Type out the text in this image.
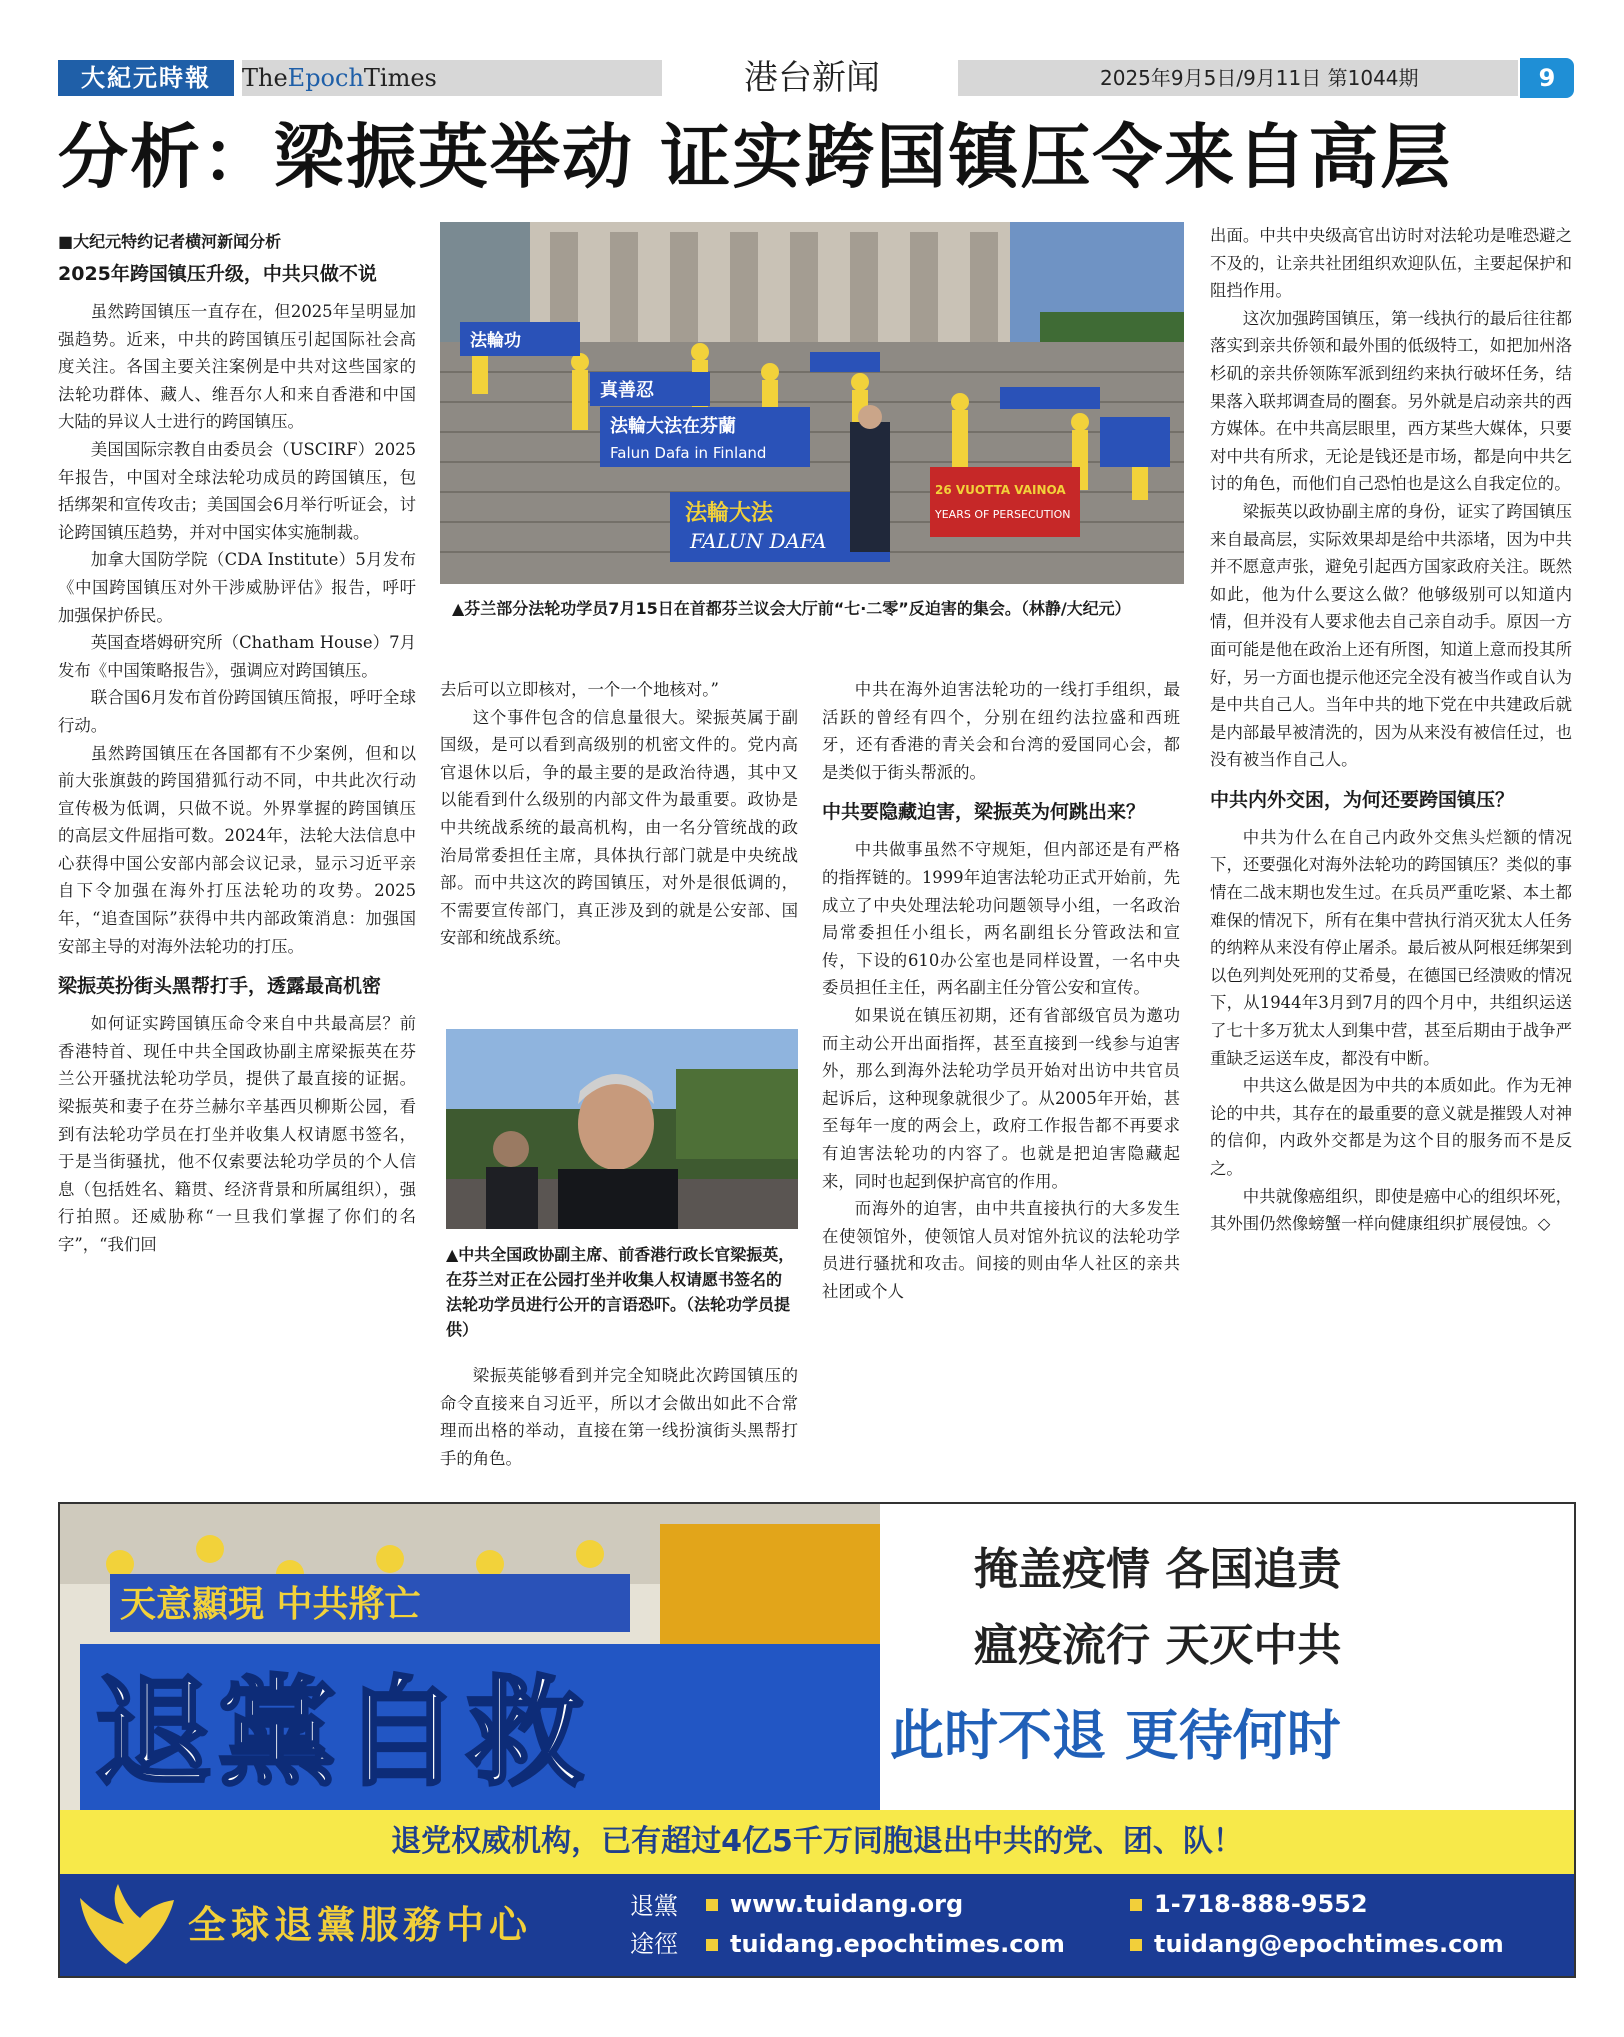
大紀元時報	TheEpochTimes	港台新闻	2025年9月5日/9月11日 第1044期	9
分析：梁振英举动 证实跨国镇压令来自高层
■大纪元特约记者横河新闻分析
2025年跨国镇压升级，中共只做不说

虽然跨国镇压一直存在，但2025年呈明显加强趋势。近来，中共的跨国镇压引起国际社会高度关注。各国主要关注案例是中共对这些国家的法轮功群体、藏人、维吾尔人和来自香港和中国大陆的异议人士进行的跨国镇压。

美国国际宗教自由委员会（USCIRF）2025年报告，中国对全球法轮功成员的跨国镇压，包括绑架和宣传攻击；美国国会6月举行听证会，讨论跨国镇压趋势，并对中国实体实施制裁。

加拿大国防学院（CDA Institute）5月发布《中国跨国镇压对外干涉威胁评估》报告，呼吁加强保护侨民。

英国查塔姆研究所（Chatham House）7月发布《中国策略报告》，强调应对跨国镇压。

联合国6月发布首份跨国镇压简报，呼吁全球行动。

虽然跨国镇压在各国都有不少案例，但和以前大张旗鼓的跨国猎狐行动不同，中共此次行动宣传极为低调，只做不说。外界掌握的跨国镇压的高层文件屈指可数。2024年，法轮大法信息中心获得中国公安部内部会议记录，显示习近平亲自下令加强在海外打压法轮功的攻势。2025年，“追查国际”获得中共内部政策消息：加强国安部主导的对海外法轮功的打压。

梁振英扮街头黑帮打手，透露最高机密

如何证实跨国镇压命令来自中共最高层？前香港特首、现任中共全国政协副主席梁振英在芬兰公开骚扰法轮功学员，提供了最直接的证据。梁振英和妻子在芬兰赫尔辛基西贝柳斯公园，看到有法轮功学员在打坐并收集人权请愿书签名，于是当街骚扰，他不仅索要法轮功学员的个人信息（包括姓名、籍贯、经济背景和所属组织），强行拍照。还威胁称“一旦我们掌握了你们的名字”，“我们回

法輪功
真善忍
法輪大法在芬蘭
Falun Dafa in Finland
法輪大法
FALUN DAFA
26 VUOTTA VAINOA
YEARS OF PERSECUTION
▲芬兰部分法轮功学员7月15日在首都芬兰议会大厅前“七·二零”反迫害的集会。（林静/大纪元）

去后可以立即核对，一个一个地核对。”

这个事件包含的信息量很大。梁振英属于副国级，是可以看到高级别的机密文件的。党内高官退休以后，争的最主要的是政治待遇，其中又以能看到什么级别的内部文件为最重要。政协是中共统战系统的最高机构，由一名分管统战的政治局常委担任主席，具体执行部门就是中央统战部。而中共这次的跨国镇压，对外是很低调的，不需要宣传部门，真正涉及到的就是公安部、国安部和统战系统。

▲中共全国政协副主席、前香港行政长官梁振英，在芬兰对正在公园打坐并收集人权请愿书签名的法轮功学员进行公开的言语恐吓。（法轮功学员提供）

梁振英能够看到并完全知晓此次跨国镇压的命令直接来自习近平，所以才会做出如此不合常理而出格的举动，直接在第一线扮演街头黑帮打手的角色。

中共在海外迫害法轮功的一线打手组织，最活跃的曾经有四个，分别在纽约法拉盛和西班牙，还有香港的青关会和台湾的爱国同心会，都是类似于街头帮派的。

中共要隐藏迫害，梁振英为何跳出来？

中共做事虽然不守规矩，但内部还是有严格的指挥链的。1999年迫害法轮功正式开始前，先成立了中央处理法轮功问题领导小组，一名政治局常委担任小组长，两名副组长分管政法和宣传，下设的610办公室也是同样设置，一名中央委员担任主任，两名副主任分管公安和宣传。

如果说在镇压初期，还有省部级官员为邀功而主动公开出面指挥，甚至直接到一线参与迫害外，那么到海外法轮功学员开始对出访中共官员起诉后，这种现象就很少了。从2005年开始，甚至每年一度的两会上，政府工作报告都不再要求有迫害法轮功的内容了。也就是把迫害隐藏起来，同时也起到保护高官的作用。

而海外的迫害，由中共直接执行的大多发生在使领馆外，使领馆人员对馆外抗议的法轮功学员进行骚扰和攻击。间接的则由华人社区的亲共社团或个人

出面。中共中央级高官出访时对法轮功是唯恐避之不及的，让亲共社团组织欢迎队伍，主要起保护和阻挡作用。

这次加强跨国镇压，第一线执行的最后往往都落实到亲共侨领和最外围的低级特工，如把加州洛杉矶的亲共侨领陈军派到纽约来执行破坏任务，结果落入联邦调查局的圈套。另外就是启动亲共的西方媒体。在中共高层眼里，西方某些大媒体，只要对中共有所求，无论是钱还是市场，都是向中共乞讨的角色，而他们自己恐怕也是这么自我定位的。

梁振英以政协副主席的身份，证实了跨国镇压来自最高层，实际效果却是给中共添堵，因为中共并不愿意声张，避免引起西方国家政府关注。既然如此，他为什么要这么做？他够级别可以知道内情，但并没有人要求他去自己亲自动手。原因一方面可能是他在政治上还有所图，知道上意而投其所好，另一方面也提示他还完全没有被当作或自认为是中共自己人。当年中共的地下党在中共建政后就是内部最早被清洗的，因为从来没有被信任过，也没有被当作自己人。

中共内外交困，为何还要跨国镇压？

中共为什么在自己内政外交焦头烂额的情况下，还要强化对海外法轮功的跨国镇压？类似的事情在二战末期也发生过。在兵员严重吃紧、本土都难保的情况下，所有在集中营执行消灭犹太人任务的纳粹从来没有停止屠杀。最后被从阿根廷绑架到以色列判处死刑的艾希曼，在德国已经溃败的情况下，从1944年3月到7月的四个月中，共组织运送了七十多万犹太人到集中营，甚至后期由于战争严重缺乏运送车皮，都没有中断。

中共这么做是因为中共的本质如此。作为无神论的中共，其存在的最重要的意义就是摧毁人对神的信仰，内政外交都是为这个目的服务而不是反之。

中共就像癌组织，即使是癌中心的组织坏死，其外围仍然像螃蟹一样向健康组织扩展侵蚀。◇

天意顯現 中共將亡
退黨自救
掩盖疫情 各国追责
瘟疫流行 天灭中共
此时不退 更待何时
退党权威机构，已有超过4亿5千万同胞退出中共的党、团、队！
全球退黨服務中心	退黨
途徑
www.tuidang.org
tuidang.epochtimes.com
1-718-888-9552
tuidang@epochtimes.com
